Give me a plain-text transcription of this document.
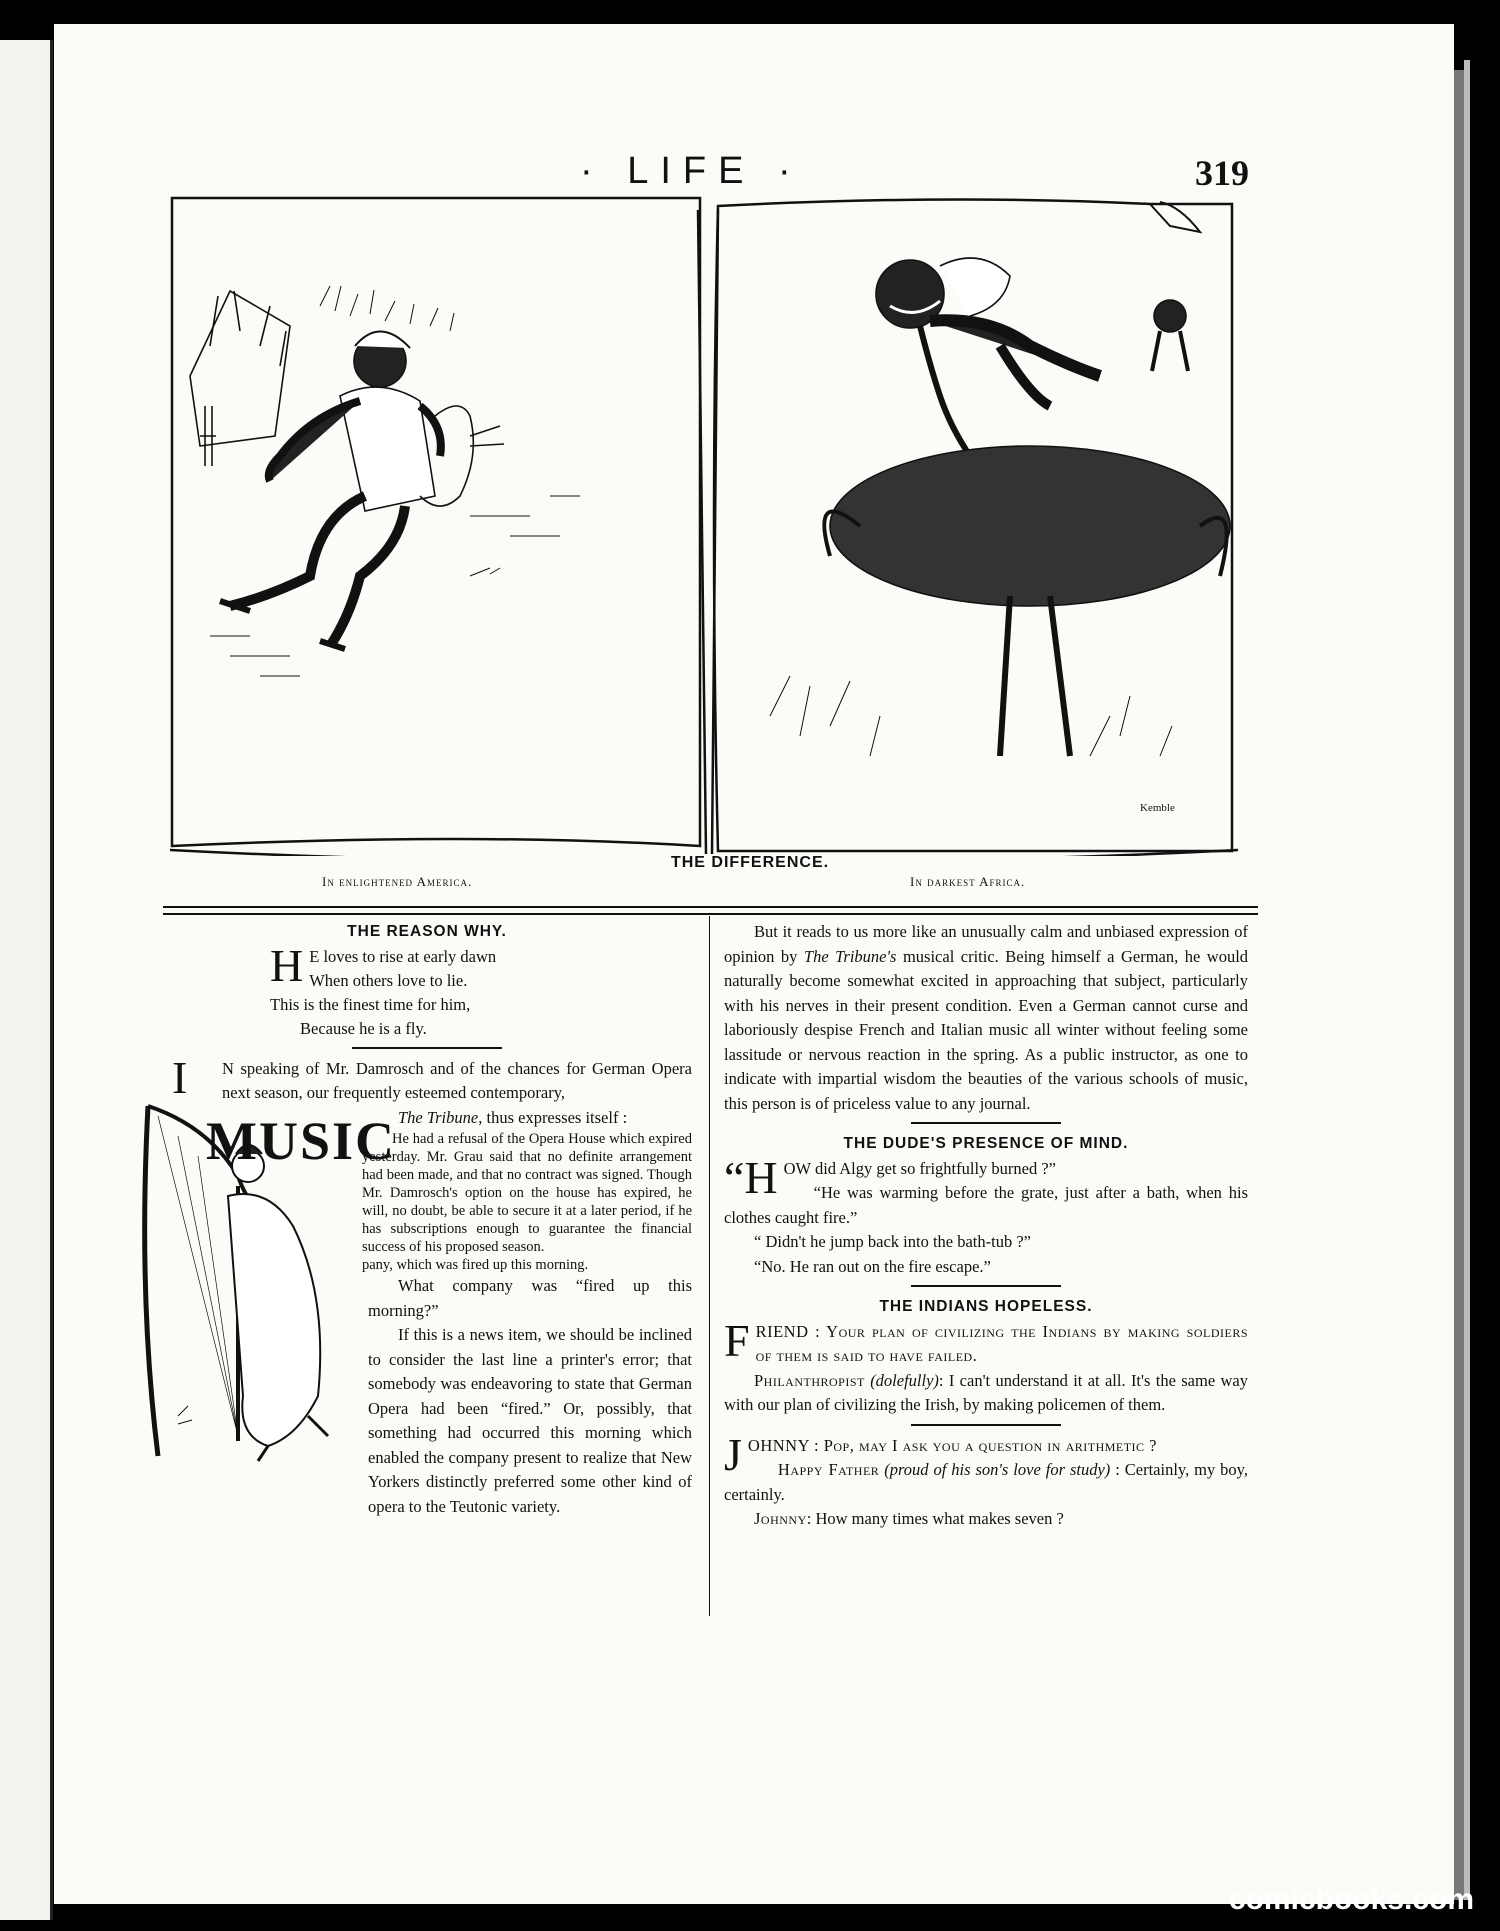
· LIFE ·	319
Kemble
THE DIFFERENCE.
In enlightened America.	In darkest Africa.
THE REASON WHY.
H E loves to rise at early dawn
When others love to lie.
This is the finest time for him,
Because he is a fly.

I N speaking of Mr. Damrosch and of the chances for German Opera next season, our frequently esteemed contemporary,

The Tribune, thus expresses itself :

He had a refusal of the Opera House which expired yesterday. Mr. Grau said that no definite arrangement had been made, and that no contract was signed. Though Mr. Damrosch's option on the house has expired, he will, no doubt, be able to secure it at a later period, if he has subscriptions enough to guarantee the financial success of his proposed season.

pany, which was fired up this morning.

What company was “fired up this morning?”

If this is a news item, we should be inclined to consider the last line a printer's error; that somebody was endeavoring to state that German Opera had been “fired.” Or, possibly, that something had occurred this morning which enabled the company present to realize that New Yorkers distinctly preferred some other kind of opera to the Teutonic variety.

MUSIC

But it reads to us more like an unusually calm and unbiased expression of opinion by The Tribune's musical critic. Being himself a German, he would naturally become somewhat excited in approaching that subject, particularly with his nerves in their present condition. Even a German cannot curse and laboriously despise French and Italian music all winter without feeling some lassitude or nervous reaction in the spring. As a public instructor, as one to indicate with impartial wisdom the beauties of the various schools of music, this person is of priceless value to any journal.

THE DUDE'S PRESENCE OF MIND.

“HOW did Algy get so frightfully burned ?”

“He was warming before the grate, just after a bath, when his clothes caught fire.”

“ Didn't he jump back into the bath-tub ?”

“No. He ran out on the fire escape.”

THE INDIANS HOPELESS.

FRIEND : Your plan of civilizing the Indians by making soldiers of them is said to have failed.

Philanthropist (dolefully): I can't understand it at all. It's the same way with our plan of civilizing the Irish, by making policemen of them.

JOHNNY : Pop, may I ask you a question in arithmetic ?

Happy Father (proud of his son's love for study) : Certainly, my boy, certainly.

Johnny: How many times what makes seven ?

comicbooks.com
